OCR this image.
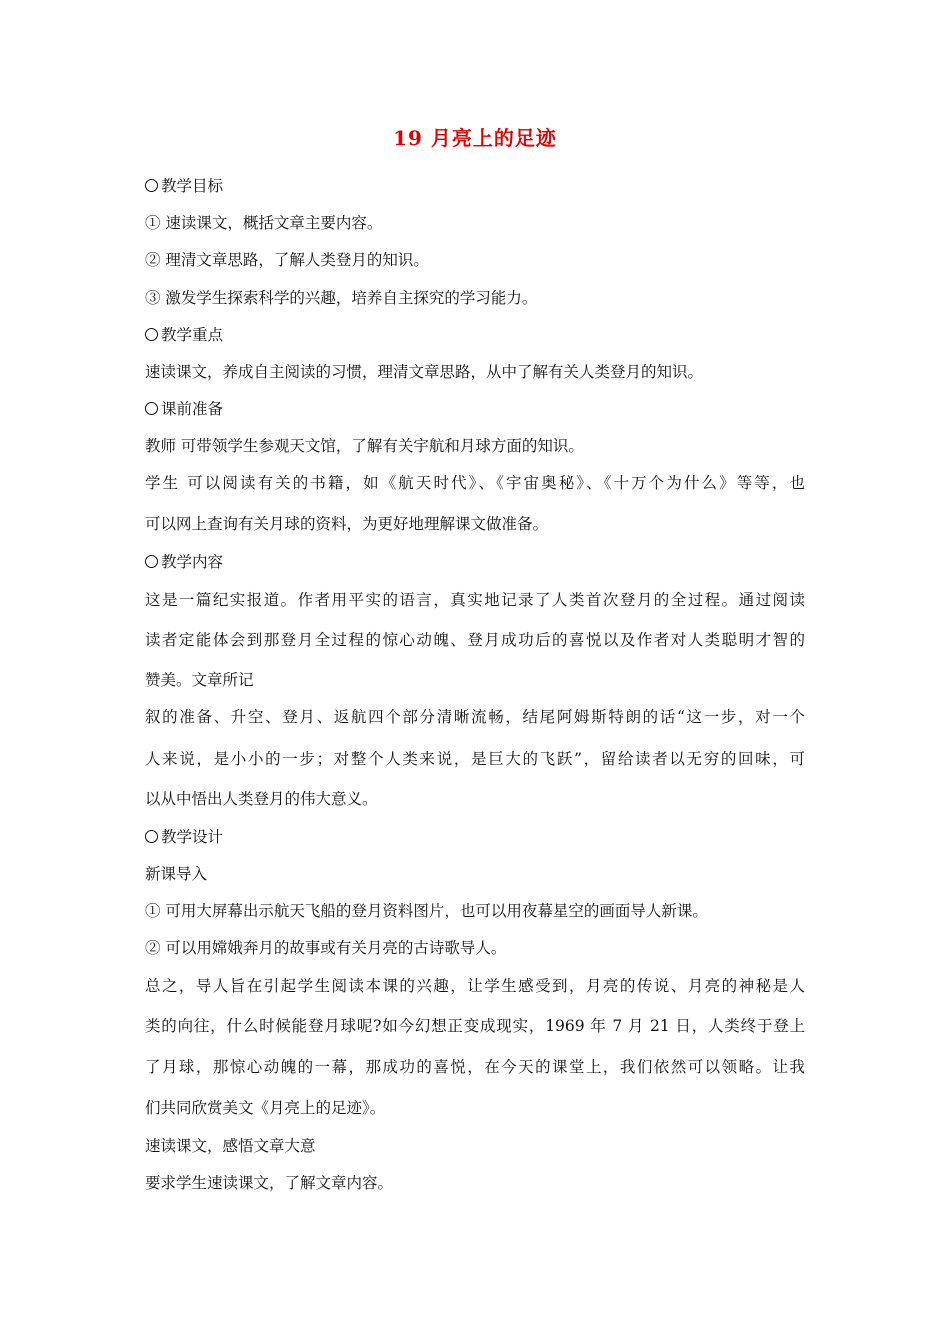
19 月亮上的足迹
教学目标
① 速读课文，概括文章主要内容。
② 理清文章思路，了解人类登月的知识。
③ 激发学生探索科学的兴趣，培养自主探究的学习能力。
教学重点
速读课文，养成自主阅读的习惯，理清文章思路，从中了解有关人类登月的知识。
课前准备
教师 可带领学生参观天文馆，了解有关宇航和月球方面的知识。
学生 可以阅读有关的书籍，如《航天时代》、《宇宙奥秘》、《十万个为什么》等等，也
可以网上查询有关月球的资料，为更好地理解课文做准备。
教学内容
这是一篇纪实报道。作者用平实的语言，真实地记录了人类首次登月的全过程。通过阅读
读者定能体会到那登月全过程的惊心动魄、登月成功后的喜悦以及作者对人类聪明才智的
赞美。文章所记
叙的准备、升空、登月、返航四个部分清晰流畅，结尾阿姆斯特朗的话“这一步，对一个
人来说，是小小的一步；对整个人类来说，是巨大的飞跃”，留给读者以无穷的回味，可
以从中悟出人类登月的伟大意义。
教学设计
新课导入
① 可用大屏幕出示航天飞船的登月资料图片，也可以用夜幕星空的画面导人新课。
② 可以用嫦娥奔月的故事或有关月亮的古诗歌导人。
总之，导人旨在引起学生阅读本课的兴趣，让学生感受到，月亮的传说、月亮的神秘是人
类的向往，什么时候能登月球呢?如今幻想正变成现实，1969 年 7 月 21 日，人类终于登上
了月球，那惊心动魄的一幕，那成功的喜悦，在今天的课堂上，我们依然可以领略。让我
们共同欣赏美文《月亮上的足迹》。
速读课文，感悟文章大意
要求学生速读课文，了解文章内容。
